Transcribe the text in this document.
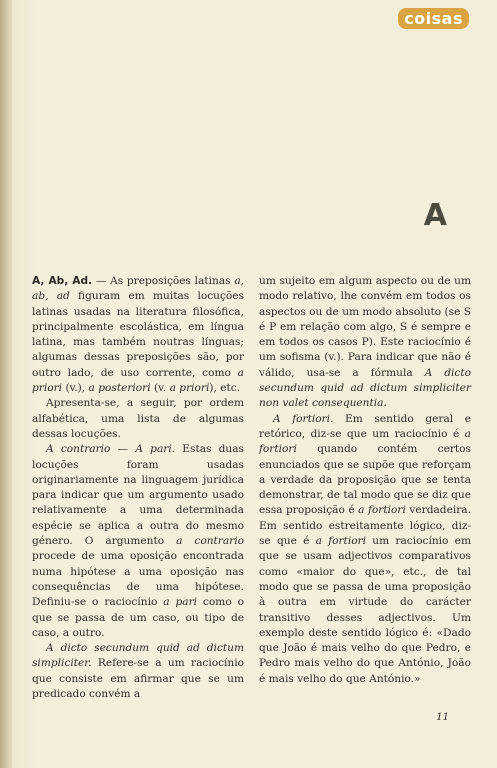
coisas
A

A, Ab, Ad. — As preposições latinas a, ab, ad figuram em muitas locuções latinas usadas na literatura filosófica, principalmente escolástica, em língua latina, mas também noutras línguas; algumas dessas preposições são, por outro lado, de uso corrente, como a priori (v.), a posteriori (v. a priori), etc.

Apresenta-se, a seguir, por ordem alfabética, uma lista de algumas dessas locuções.

A contrario — A pari. Estas duas locuções foram usadas originariamente na linguagem jurídica para indicar que um argumento usado relativamente a uma determinada espécie se aplica a outra do mesmo género. O argumento a contrario procede de uma oposição encontrada numa hipótese a uma oposição nas consequências de uma hipótese. Definiu-se o raciocínio a pari como o que se passa de um caso, ou tipo de caso, a outro.

A dicto secundum quid ad dictum simpliciter. Refere-se a um raciocínio que consiste em afirmar que se um predicado convém a

um sujeito em algum aspecto ou de um modo relativo, lhe convém em todos os aspectos ou de um modo absoluto (se S é P em relação com algo, S é sempre e em todos os casos P). Este raciocínio é um sofisma (v.). Para indicar que não é válido, usa-se a fórmula A dicto secundum quid ad dictum simpliciter non valet consequentia.

A fortiori. Em sentido geral e retórico, diz-se que um raciocínio é a fortiori quando contém certos enunciados que se supõe que reforçam a verdade da proposição que se tenta demonstrar, de tal modo que se diz que essa proposição é a fortiori verdadeira. Em sentido estreitamente lógico, diz-se que é a fortiori um raciocínio em que se usam adjectivos comparativos como «maior do que», etc., de tal modo que se passa de uma proposição à outra em virtude do carácter transitivo desses adjectivos. Um exemplo deste sentido lógico é: «Dado que João é mais velho do que Pedro, e Pedro mais velho do que António, João é mais velho do que António.»

11
